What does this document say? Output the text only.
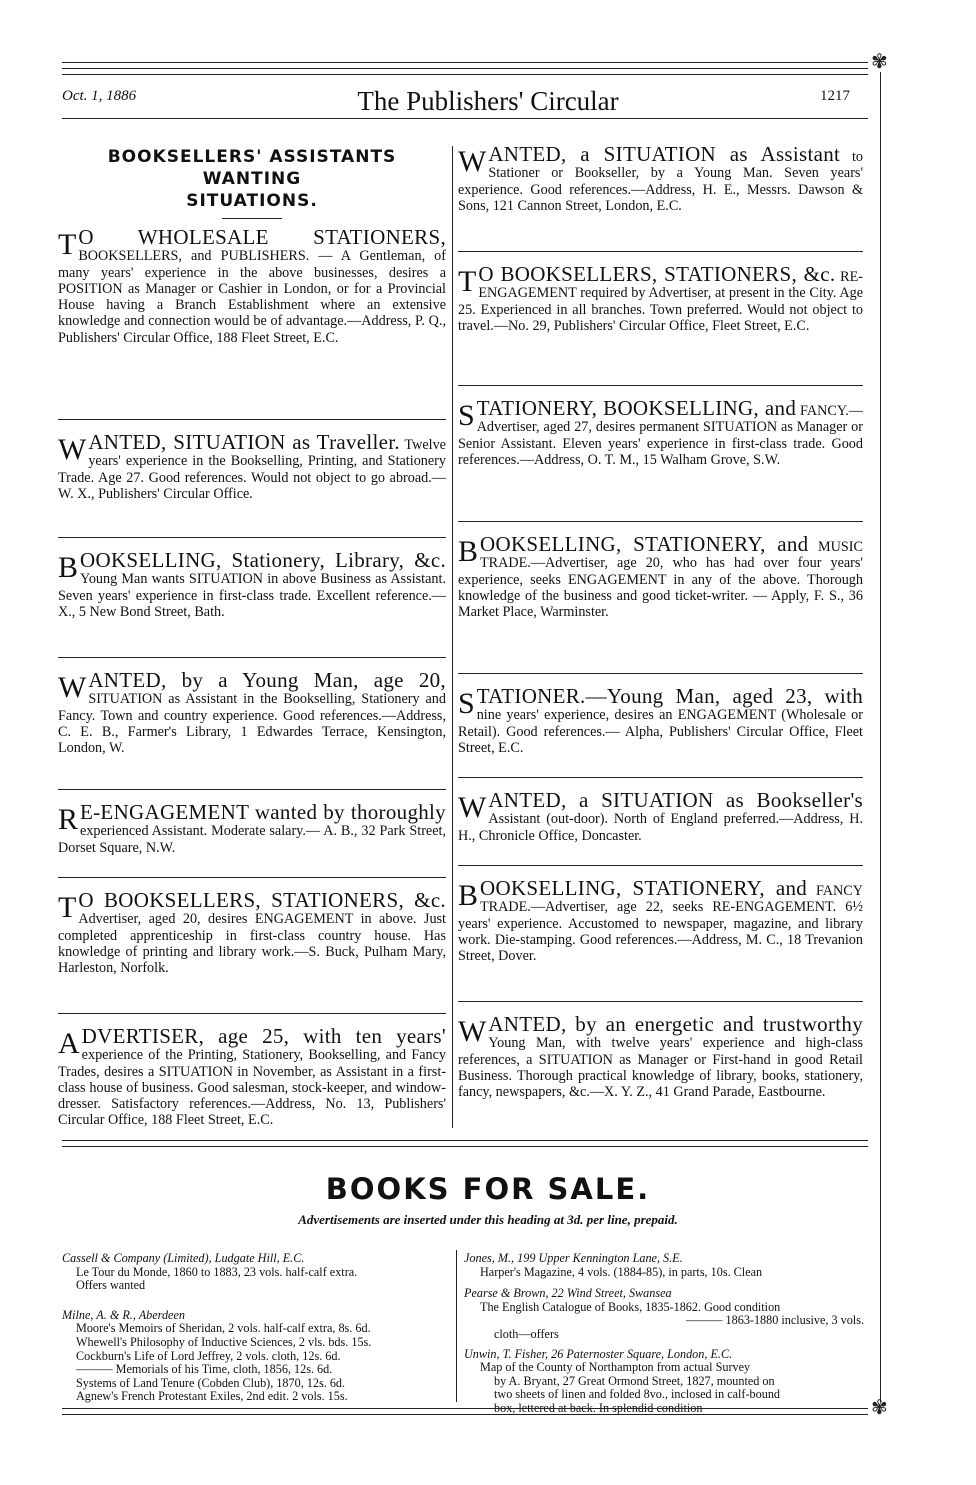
✾
Oct. 1, 1886	The Publishers' Circular	1217
BOOKSELLERS' ASSISTANTS WANTING
SITUATIONS.
T O WHOLESALE STATIONERS, BOOKSELLERS, and PUBLISHERS. — A Gentleman, of many years' experience in the above businesses, desires a POSITION as Manager or Cashier in London, or for a Provincial House having a Branch Establishment where an extensive knowledge and connection would be of advantage.—Address, P. Q., Publishers' Circular Office, 188 Fleet Street, E.C.
W ANTED, SITUATION as Traveller. Twelve years' experience in the Bookselling, Printing, and Stationery Trade. Age 27. Good references. Would not object to go abroad.—W. X., Publishers' Circular Office.
B OOKSELLING, Stationery, Library, &c. Young Man wants SITUATION in above Business as Assistant. Seven years' experience in first-class trade. Excellent reference.—X., 5 New Bond Street, Bath.
W ANTED, by a Young Man, age 20, SITUATION as Assistant in the Bookselling, Stationery and Fancy. Town and country experience. Good references.—Address, C. E. B., Farmer's Library, 1 Edwardes Terrace, Kensington, London, W.
R E-ENGAGEMENT wanted by thoroughly experienced Assistant. Moderate salary.— A. B., 32 Park Street, Dorset Square, N.W.
T O BOOKSELLERS, STATIONERS, &c. Advertiser, aged 20, desires ENGAGEMENT in above. Just completed apprenticeship in first-class country house. Has knowledge of printing and library work.—S. Buck, Pulham Mary, Harleston, Norfolk.
A DVERTISER, age 25, with ten years' experience of the Printing, Stationery, Bookselling, and Fancy Trades, desires a SITUATION in November, as Assistant in a first-class house of business. Good salesman, stock-keeper, and window-dresser. Satisfactory references.—Address, No. 13, Publishers' Circular Office, 188 Fleet Street, E.C.
W ANTED, a SITUATION as Assistant to Stationer or Bookseller, by a Young Man. Seven years' experience. Good references.—Address, H. E., Messrs. Dawson & Sons, 121 Cannon Street, London, E.C.
T O BOOKSELLERS, STATIONERS, &c. RE-ENGAGEMENT required by Advertiser, at present in the City. Age 25. Experienced in all branches. Town preferred. Would not object to travel.—No. 29, Publishers' Circular Office, Fleet Street, E.C.
S TATIONERY, BOOKSELLING, and FANCY.—Advertiser, aged 27, desires permanent SITUATION as Manager or Senior Assistant. Eleven years' experience in first-class trade. Good references.—Address, O. T. M., 15 Walham Grove, S.W.
B OOKSELLING, STATIONERY, and MUSIC TRADE.—Advertiser, age 20, who has had over four years' experience, seeks ENGAGEMENT in any of the above. Thorough knowledge of the business and good ticket-writer. — Apply, F. S., 36 Market Place, Warminster.
S TATIONER.—Young Man, aged 23, with nine years' experience, desires an ENGAGEMENT (Wholesale or Retail). Good references.— Alpha, Publishers' Circular Office, Fleet Street, E.C.
W ANTED, a SITUATION as Bookseller's Assistant (out-door). North of England preferred.—Address, H. H., Chronicle Office, Doncaster.
B OOKSELLING, STATIONERY, and FANCY TRADE.—Advertiser, age 22, seeks RE-ENGAGEMENT. 6½ years' experience. Accustomed to newspaper, magazine, and library work. Die-stamping. Good references.—Address, M. C., 18 Trevanion Street, Dover.
W ANTED, by an energetic and trustworthy Young Man, with twelve years' experience and high-class references, a SITUATION as Manager or First-hand in good Retail Business. Thorough practical knowledge of library, books, stationery, fancy, newspapers, &c.—X. Y. Z., 41 Grand Parade, Eastbourne.
BOOKS FOR SALE.
Advertisements are inserted under this heading at 3d. per line, prepaid.
Cassell & Company (Limited), Ludgate Hill, E.C.
Le Tour du Monde, 1860 to 1883, 23 vols. half-calf extra.
Offers wanted
Milne, A. & R., Aberdeen
Moore's Memoirs of Sheridan, 2 vols. half-calf extra, 8s. 6d.
Whewell's Philosophy of Inductive Sciences, 2 vls. bds. 15s.
Cockburn's Life of Lord Jeffrey, 2 vols. cloth, 12s. 6d.
——— Memorials of his Time, cloth, 1856, 12s. 6d.
Systems of Land Tenure (Cobden Club), 1870, 12s. 6d.
Agnew's French Protestant Exiles, 2nd edit. 2 vols. 15s.
Jones, M., 199 Upper Kennington Lane, S.E.
Harper's Magazine, 4 vols. (1884-85), in parts, 10s. Clean
Pearse & Brown, 22 Wind Street, Swansea
The English Catalogue of Books, 1835-1862. Good condition
——— 1863-1880 inclusive, 3 vols.
cloth—offers
Unwin, T. Fisher, 26 Paternoster Square, London, E.C.
Map of the County of Northampton from actual Survey
by A. Bryant, 27 Great Ormond Street, 1827, mounted on
two sheets of linen and folded 8vo., inclosed in calf-bound
box, lettered at back. In splendid condition	✾
